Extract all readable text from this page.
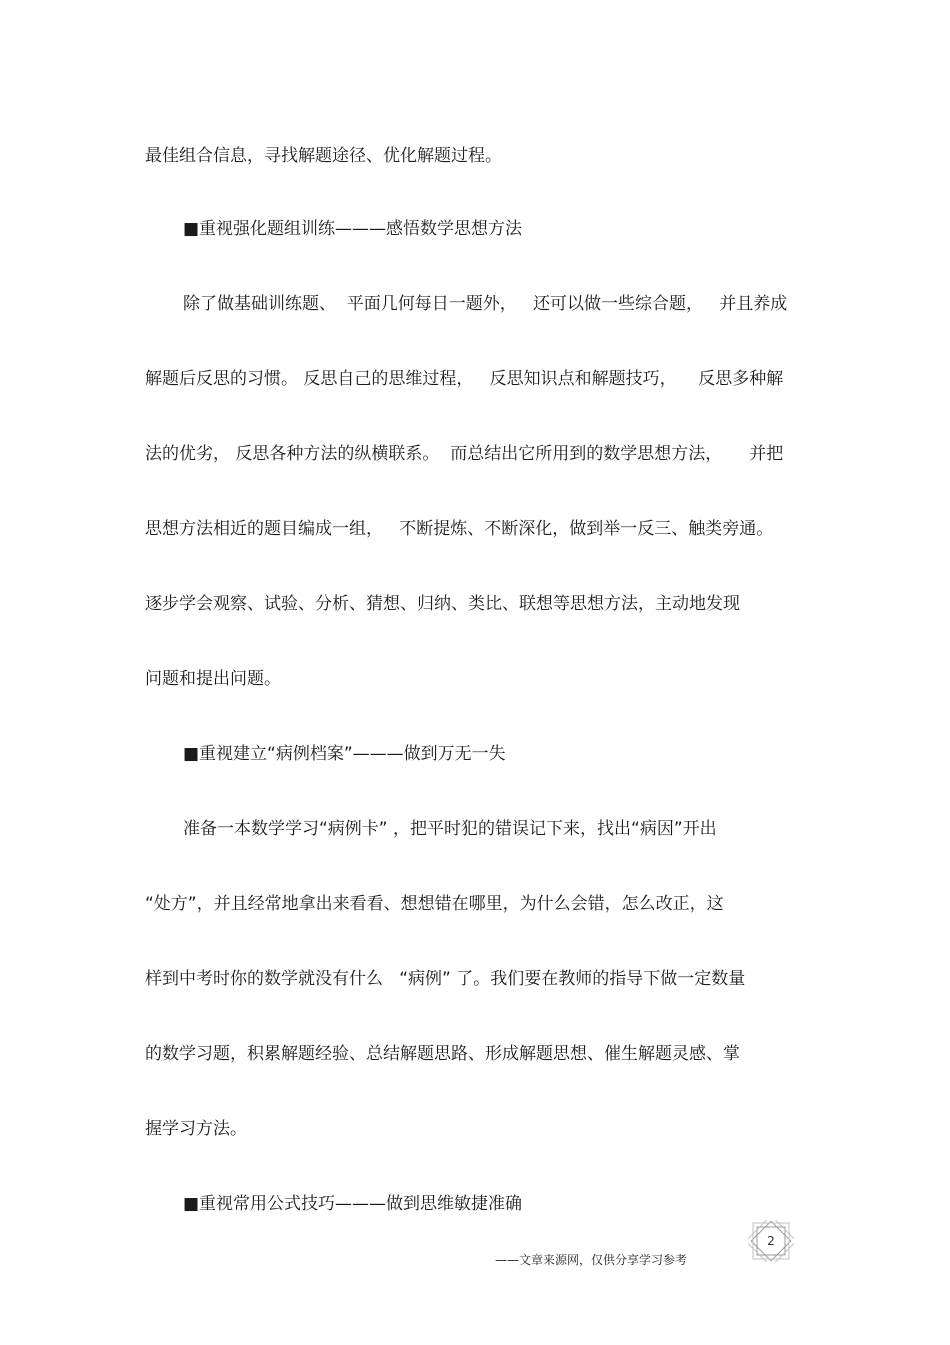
最佳组合信息，寻找解题途径、优化解题过程。
■重视强化题组训练———感悟数学思想方法
除了做基础训练题、  平面几何每日一题外，   还可以做一些综合题，   并且养成
解题后反思的习惯。 反思自己的思维过程，   反思知识点和解题技巧，    反思多种解
法的优劣， 反思各种方法的纵横联系。  而总结出它所用到的数学思想方法，     并把
思想方法相近的题目编成一组，   不断提炼、不断深化，做到举一反三、触类旁通。
逐步学会观察、试验、分析、猜想、归纳、类比、联想等思想方法，主动地发现
问题和提出问题。
■重视建立“病例档案”———做到万无一失
准备一本数学学习“病例卡” ，把平时犯的错误记下来，找出“病因”开出
“处方”，并且经常地拿出来看看、想想错在哪里，为什么会错，怎么改正，这
样到中考时你的数学就没有什么   “病例” 了。我们要在教师的指导下做一定数量
的数学习题，积累解题经验、总结解题思路、形成解题思想、催生解题灵感、掌
握学习方法。
■重视常用公式技巧———做到思维敏捷准确
——文章来源网，仅供分享学习参考
2
